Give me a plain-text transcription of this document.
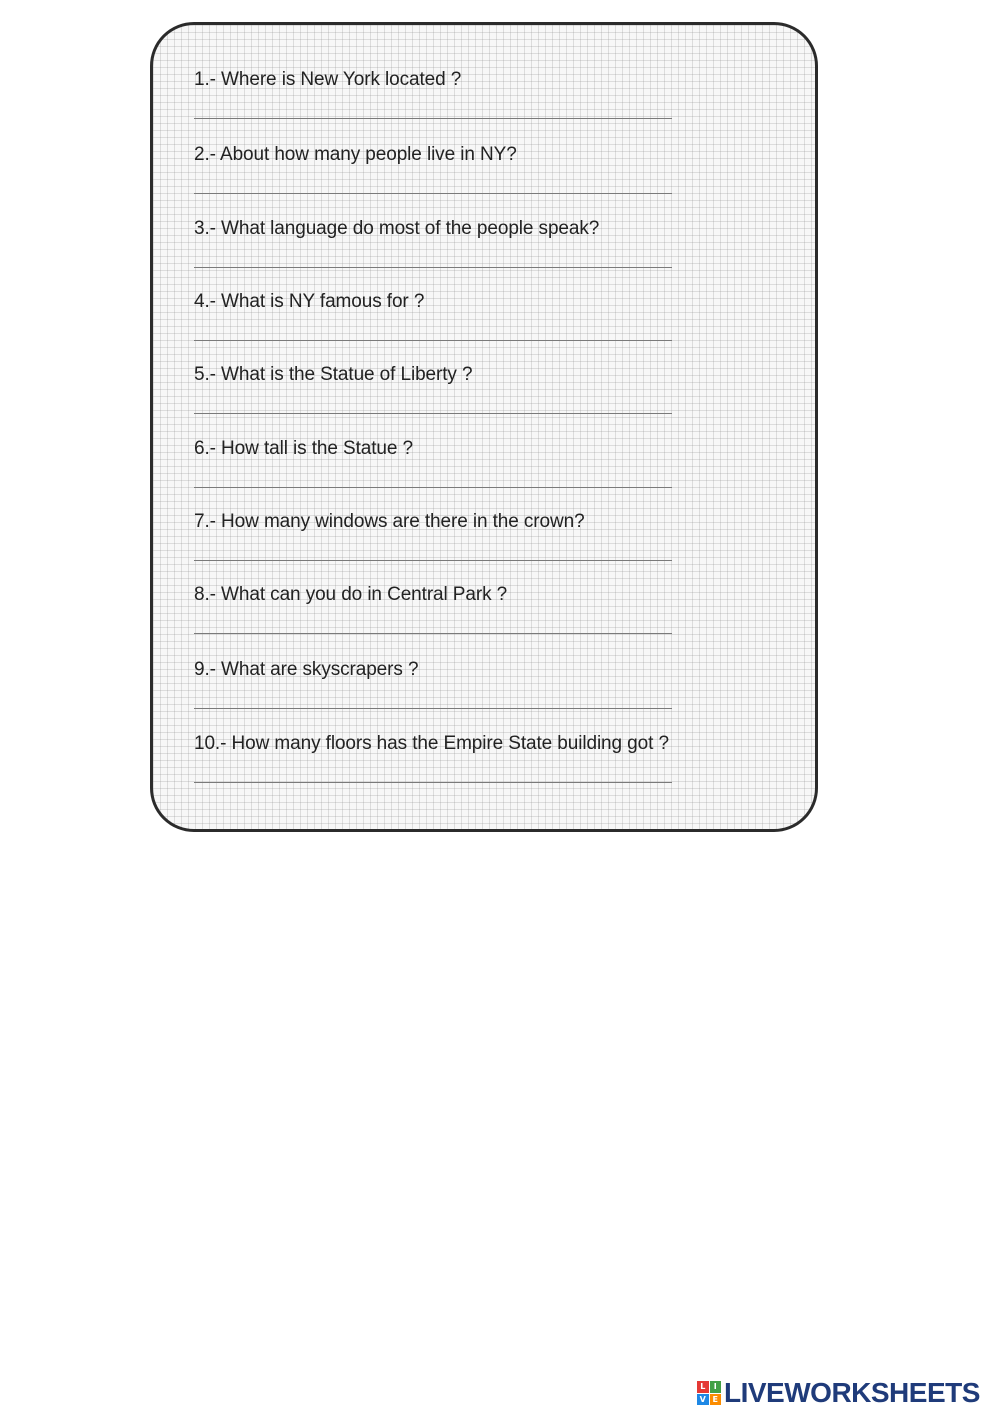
1.- Where is New York located ?
2.- About how many people live in NY?
3.- What language do most of the people speak?
4.- What is NY famous for ?
5.- What is the Statue of Liberty ?
6.- How tall is the Statue ?
7.- How many windows are there in the crown?
8.- What can you do in Central Park ?
9.- What are skyscrapers ?
10.- How many floors has the Empire State building got ?
L	I
V E LIVEWORKSHEETS
